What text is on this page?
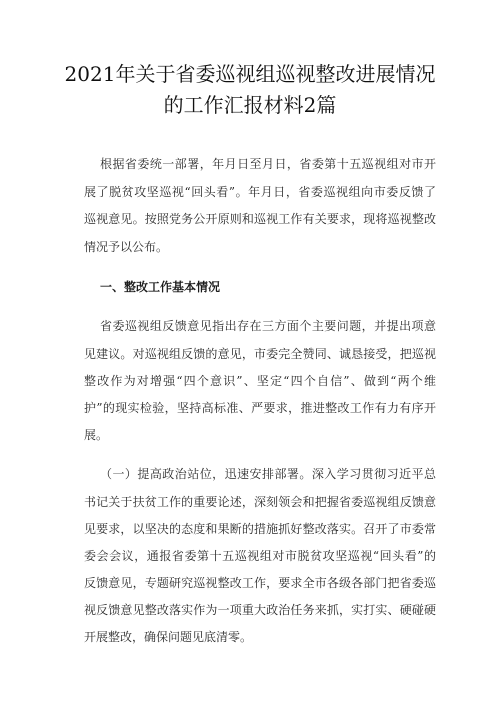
2021年关于省委巡视组巡视整改进展情况
的工作汇报材料2篇
根据省委统一部署，年月日至月日，省委第十五巡视组对市开
展了脱贫攻坚巡视“回头看”。年月日，省委巡视组向市委反馈了
巡视意见。按照党务公开原则和巡视工作有关要求，现将巡视整改
情况予以公布。
一、整改工作基本情况
省委巡视组反馈意见指出存在三方面个主要问题，并提出项意
见建议。对巡视组反馈的意见，市委完全赞同、诚恳接受，把巡视
整改作为对增强“四个意识”、坚定“四个自信”、做到“两个维
护”的现实检验，坚持高标准、严要求，推进整改工作有力有序开
展。
（一）提高政治站位，迅速安排部署。深入学习贯彻习近平总
书记关于扶贫工作的重要论述，深刻领会和把握省委巡视组反馈意
见要求，以坚决的态度和果断的措施抓好整改落实。召开了市委常
委会会议，通报省委第十五巡视组对市脱贫攻坚巡视“回头看”的
反馈意见，专题研究巡视整改工作，要求全市各级各部门把省委巡
视反馈意见整改落实作为一项重大政治任务来抓，实打实、硬碰硬
开展整改，确保问题见底清零。
